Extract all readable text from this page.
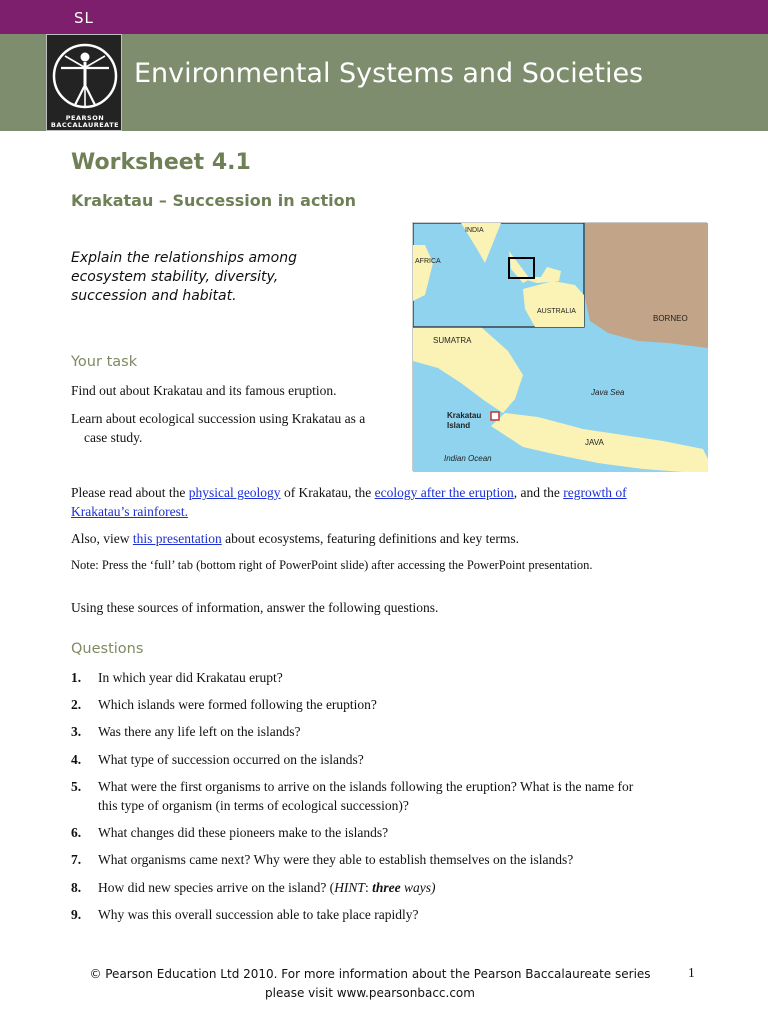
SL
Environmental Systems and Societies
PEARSON
BACCALAUREATE
Worksheet 4.1
Krakatau – Succession in action
Explain the relationships among ecosystem stability, diversity, succession and habitat.
INDIA
AFRICA
AUSTRALIA
BORNEO
SUMATRA
Java Sea
Krakatau
Island
JAVA
Indian Ocean
Your task
Find out about Krakatau and its famous eruption.
Learn about ecological succession using Krakatau as a
case study.
Please read about the physical geology of Krakatau, the ecology after the eruption, and the regrowth of
Krakatau’s rainforest.
Also, view this presentation about ecosystems, featuring definitions and key terms.
Note: Press the ‘full’ tab (bottom right of PowerPoint slide) after accessing the PowerPoint presentation.
Using these sources of information, answer the following questions.
Questions
1. In which year did Krakatau erupt?
2. Which islands were formed following the eruption?
3. Was there any life left on the islands?
4. What type of succession occurred on the islands?
5. What were the first organisms to arrive on the islands following the eruption? What is the name for
this type of organism (in terms of ecological succession)?
6. What changes did these pioneers make to the islands?
7. What organisms came next? Why were they able to establish themselves on the islands?
8. How did new species arrive on the island? (HINT: three ways)
9. Why was this overall succession able to take place rapidly?
© Pearson Education Ltd 2010. For more information about the Pearson Baccalaureate series
please visit www.pearsonbacc.com
1
